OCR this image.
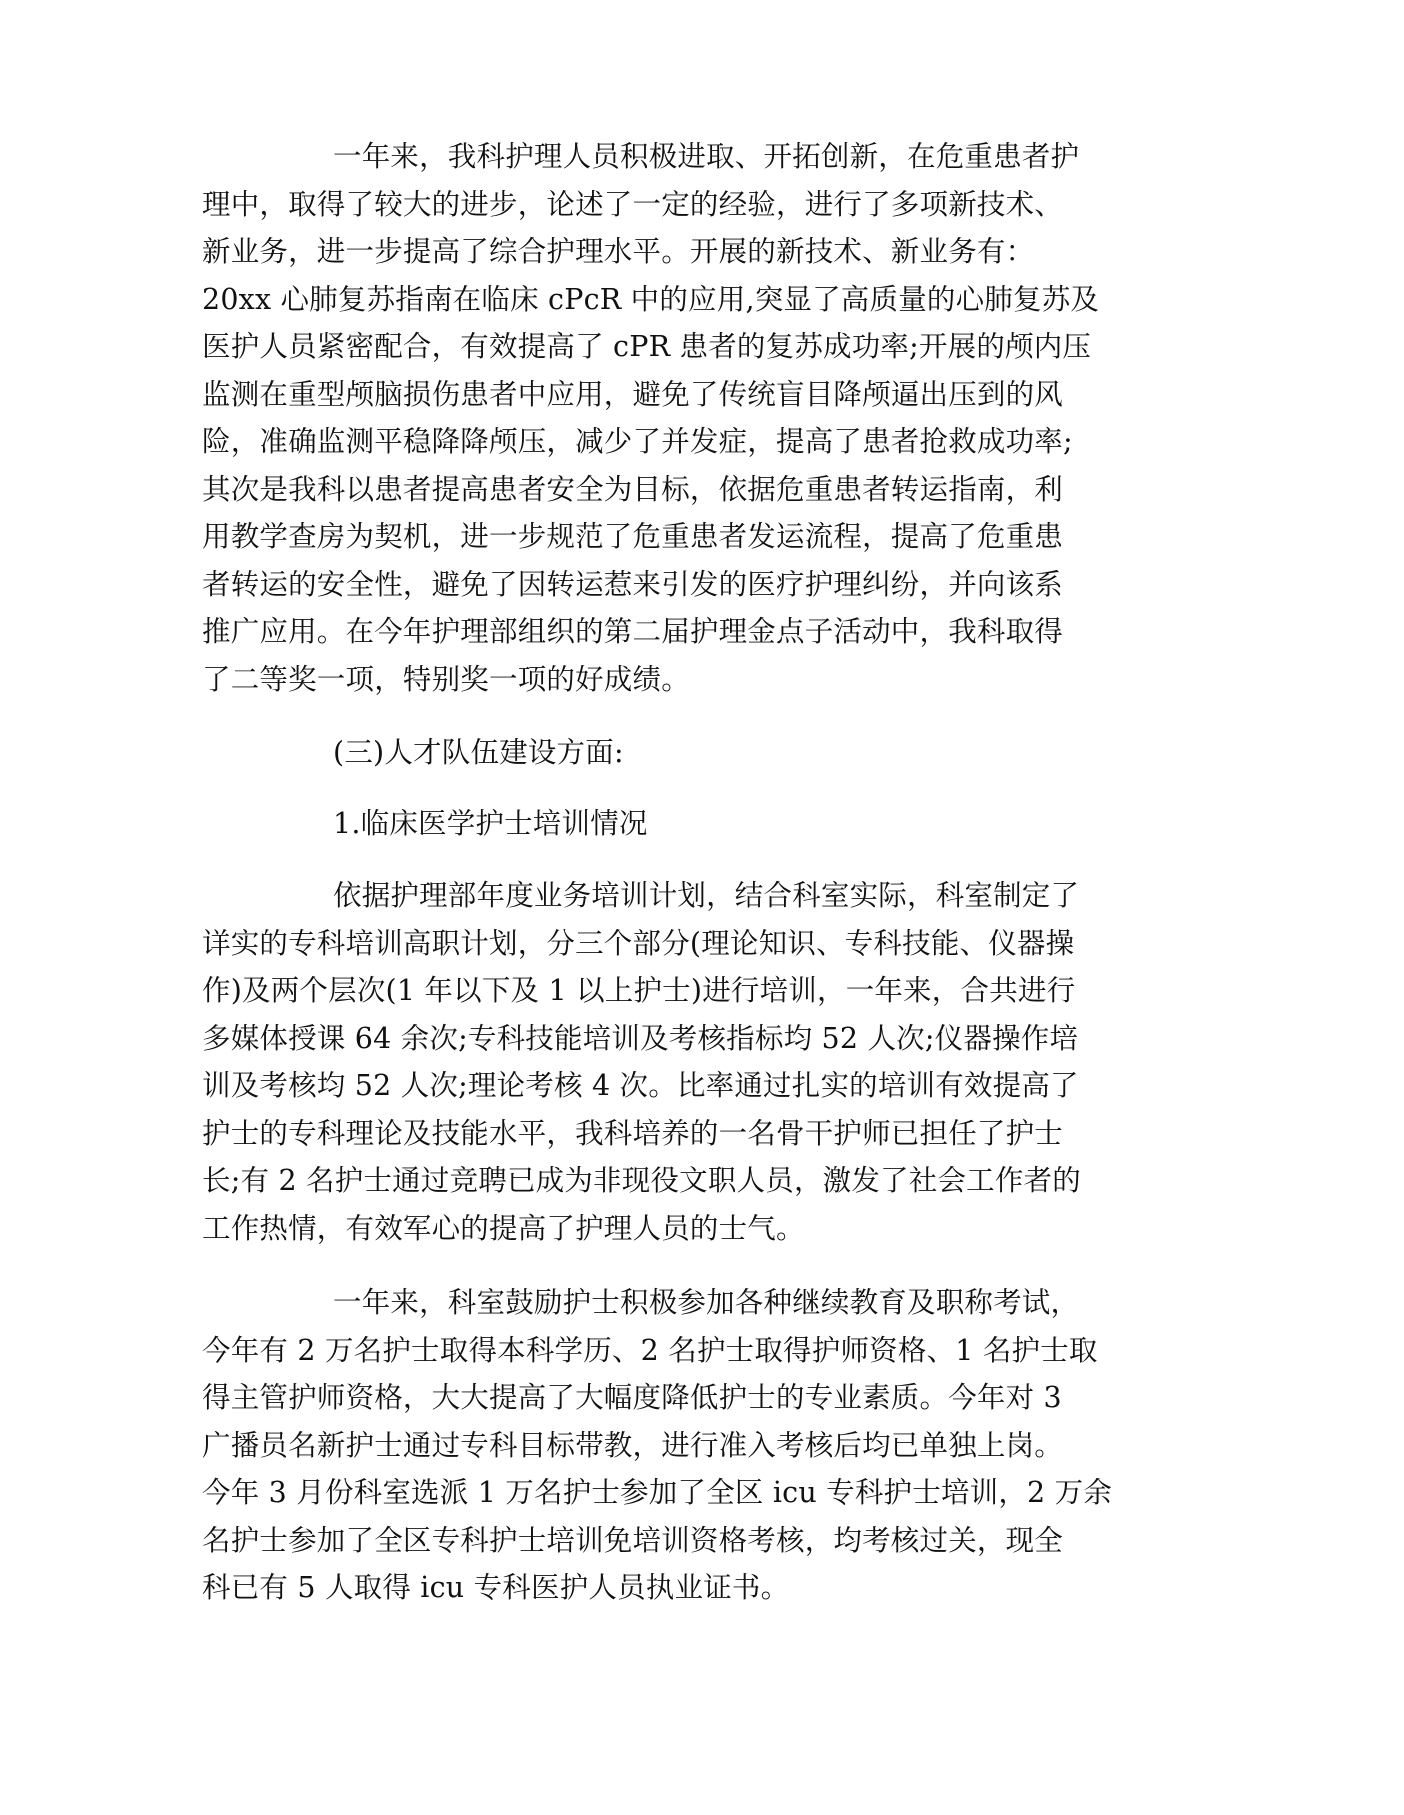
一年来，我科护理人员积极进取、开拓创新，在危重患者护
理中，取得了较大的进步，论述了一定的经验，进行了多项新技术、
新业务，进一步提高了综合护理水平。开展的新技术、新业务有：
20xx 心肺复苏指南在临床 cPcR 中的应用,突显了高质量的心肺复苏及
医护人员紧密配合，有效提高了 cPR 患者的复苏成功率;开展的颅内压
监测在重型颅脑损伤患者中应用，避免了传统盲目降颅逼出压到的风
险，准确监测平稳降降颅压，减少了并发症，提高了患者抢救成功率;
其次是我科以患者提高患者安全为目标，依据危重患者转运指南，利
用教学查房为契机，进一步规范了危重患者发运流程，提高了危重患
者转运的安全性，避免了因转运惹来引发的医疗护理纠纷，并向该系
推广应用。在今年护理部组织的第二届护理金点子活动中，我科取得
了二等奖一项，特别奖一项的好成绩。

(三)人才队伍建设方面:

1.临床医学护士培训情况

依据护理部年度业务培训计划，结合科室实际，科室制定了
详实的专科培训高职计划，分三个部分(理论知识、专科技能、仪器操
作)及两个层次(1 年以下及 1 以上护士)进行培训，一年来，合共进行
多媒体授课 64 余次;专科技能培训及考核指标均 52 人次;仪器操作培
训及考核均 52 人次;理论考核 4 次。比率通过扎实的培训有效提高了
护士的专科理论及技能水平，我科培养的一名骨干护师已担任了护士
长;有 2 名护士通过竞聘已成为非现役文职人员，激发了社会工作者的
工作热情，有效军心的提高了护理人员的士气。

一年来，科室鼓励护士积极参加各种继续教育及职称考试，
今年有 2 万名护士取得本科学历、2 名护士取得护师资格、1 名护士取
得主管护师资格，大大提高了大幅度降低护士的专业素质。今年对 3
广播员名新护士通过专科目标带教，进行准入考核后均已单独上岗。
今年 3 月份科室选派 1 万名护士参加了全区 icu 专科护士培训，2 万余
名护士参加了全区专科护士培训免培训资格考核，均考核过关，现全
科已有 5 人取得 icu 专科医护人员执业证书。
